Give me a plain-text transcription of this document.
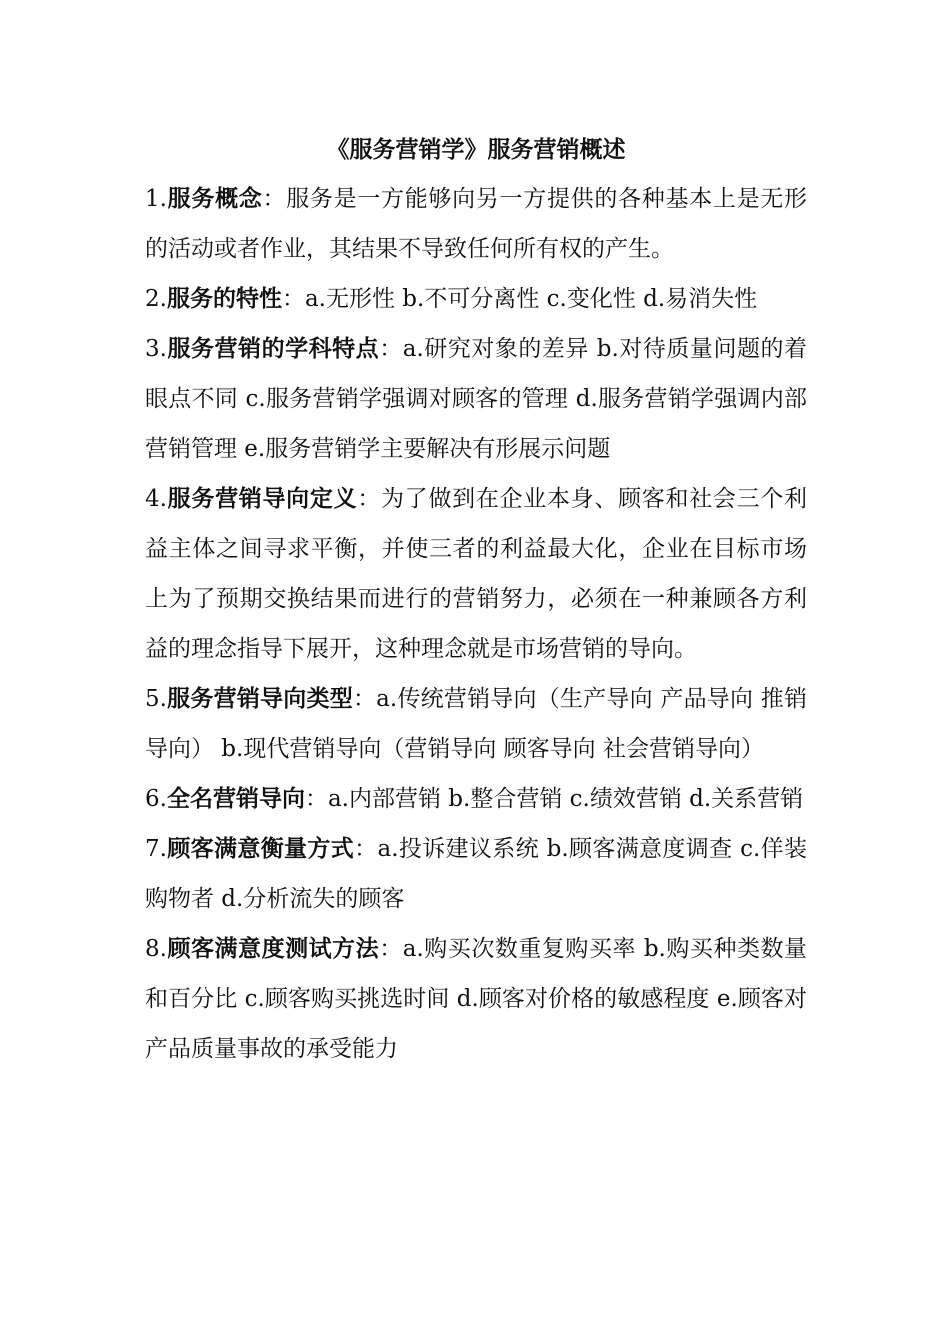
《服务营销学》服务营销概述

1.服务概念：服务是一方能够向另一方提供的各种基本上是无形的活动或者作业，其结果不导致任何所有权的产生。

2.服务的特性：a.无形性 b.不可分离性 c.变化性 d.易消失性

3.服务营销的学科特点：a.研究对象的差异 b.对待质量问题的着眼点不同 c.服务营销学强调对顾客的管理 d.服务营销学强调内部营销管理 e.服务营销学主要解决有形展示问题

4.服务营销导向定义：为了做到在企业本身、顾客和社会三个利益主体之间寻求平衡，并使三者的利益最大化，企业在目标市场上为了预期交换结果而进行的营销努力，必须在一种兼顾各方利益的理念指导下展开，这种理念就是市场营销的导向。

5.服务营销导向类型：a.传统营销导向（生产导向 产品导向 推销导向） b.现代营销导向（营销导向 顾客导向 社会营销导向）

6.全名营销导向：a.内部营销 b.整合营销 c.绩效营销 d.关系营销

7.顾客满意衡量方式：a.投诉建议系统 b.顾客满意度调查 c.佯装购物者 d.分析流失的顾客

8.顾客满意度测试方法：a.购买次数重复购买率 b.购买种类数量和百分比 c.顾客购买挑选时间 d.顾客对价格的敏感程度 e.顾客对产品质量事故的承受能力
